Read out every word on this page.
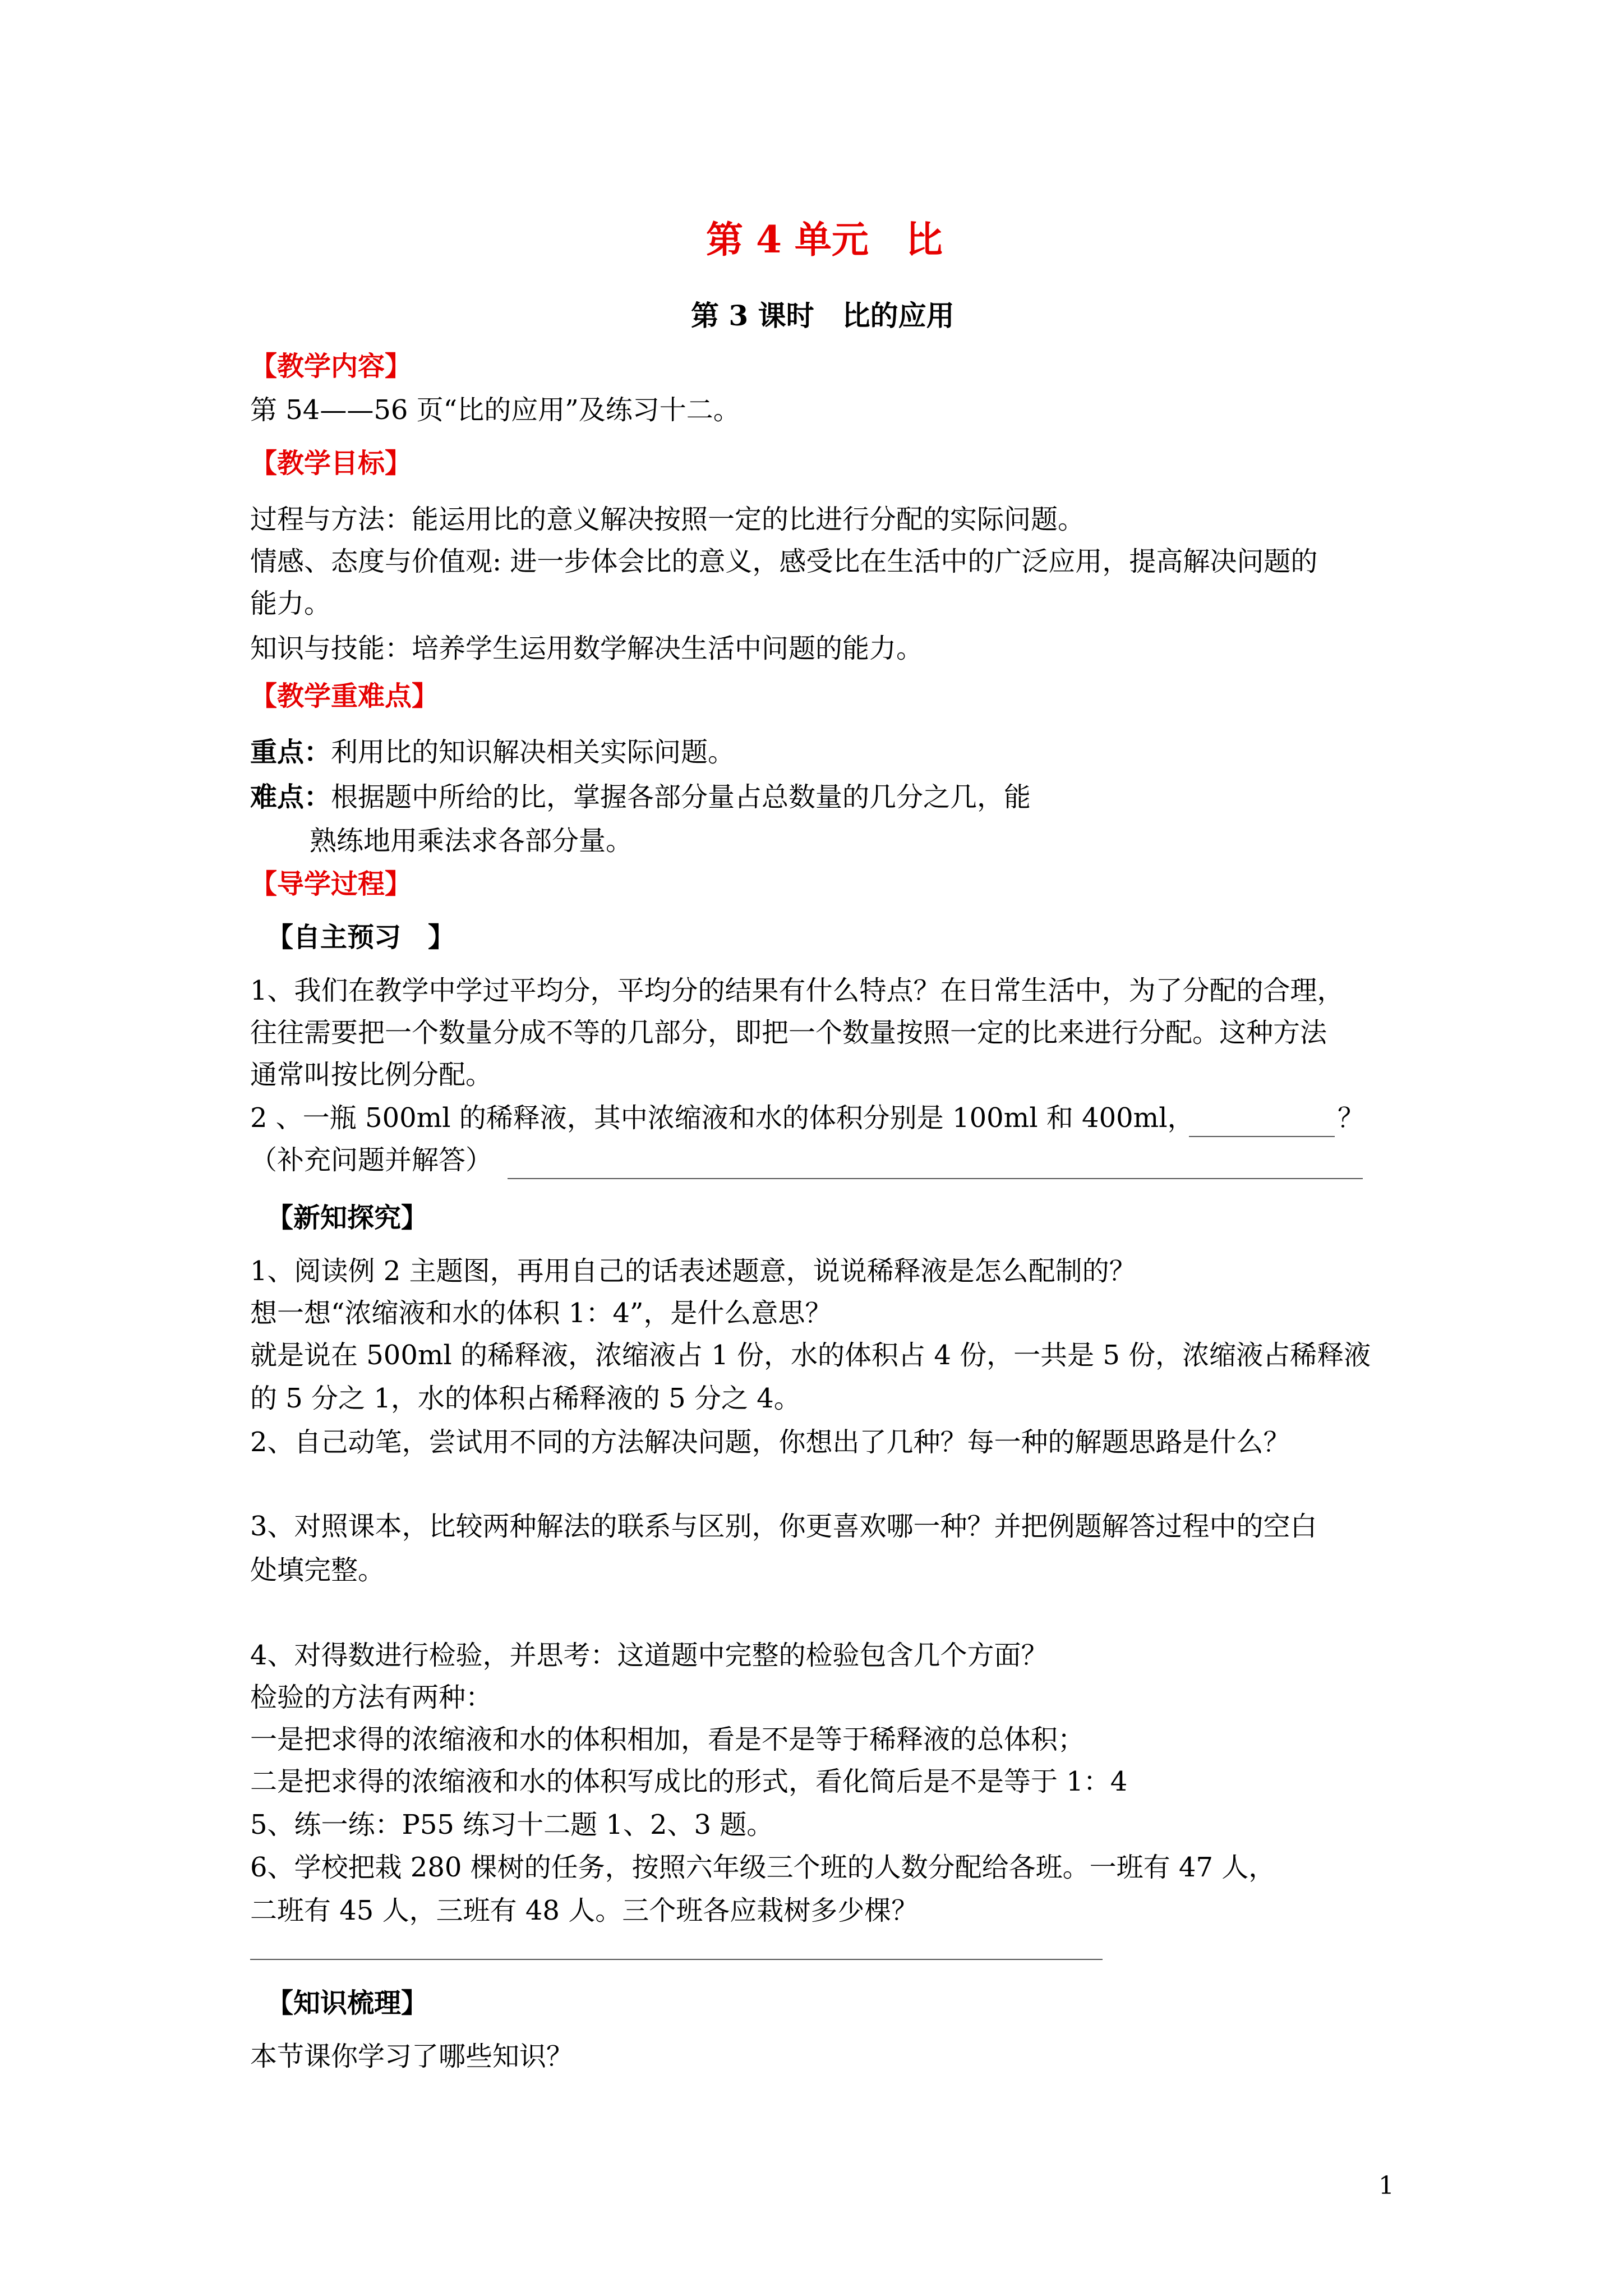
第 4 单元　比
第 3 课时　比的应用
【教学内容】
第 54——56 页“比的应用”及练习十二。
【教学目标】
过程与方法：能运用比的意义解决按照一定的比进行分配的实际问题。
情感、态度与价值观: 进一步体会比的意义，感受比在生活中的广泛应用，提高解决问题的
能力。
知识与技能：培养学生运用数学解决生活中问题的能力。
【教学重难点】
重点：利用比的知识解决相关实际问题。
难点：根据题中所给的比，掌握各部分量占总数量的几分之几，能
熟练地用乘法求各部分量。
【导学过程】
【自主预习　】
1、我们在教学中学过平均分，平均分的结果有什么特点？在日常生活中，为了分配的合理，
往往需要把一个数量分成不等的几部分，即把一个数量按照一定的比来进行分配。这种方法
通常叫按比例分配。
2 、一瓶 500ml 的稀释液，其中浓缩液和水的体积分别是 100ml 和 400ml，	？
（补充问题并解答）
【新知探究】
1、阅读例 2 主题图，再用自己的话表述题意，说说稀释液是怎么配制的？
想一想“浓缩液和水的体积 1：4”，是什么意思？
就是说在 500ml 的稀释液，浓缩液占 1 份，水的体积占 4 份，一共是 5 份，浓缩液占稀释液
的 5 分之 1，水的体积占稀释液的 5 分之 4。
2、自己动笔，尝试用不同的方法解决问题，你想出了几种？每一种的解题思路是什么？
3、对照课本，比较两种解法的联系与区别，你更喜欢哪一种？并把例题解答过程中的空白
处填完整。
4、对得数进行检验，并思考：这道题中完整的检验包含几个方面？
检验的方法有两种：
一是把求得的浓缩液和水的体积相加，看是不是等于稀释液的总体积；
二是把求得的浓缩液和水的体积写成比的形式，看化简后是不是等于 1：4
5、练一练：P55 练习十二题 1、2、3 题。
6、学校把栽 280 棵树的任务，按照六年级三个班的人数分配给各班。一班有 47 人，
二班有 45 人，三班有 48 人。三个班各应栽树多少棵？
【知识梳理】
本节课你学习了哪些知识？
1
